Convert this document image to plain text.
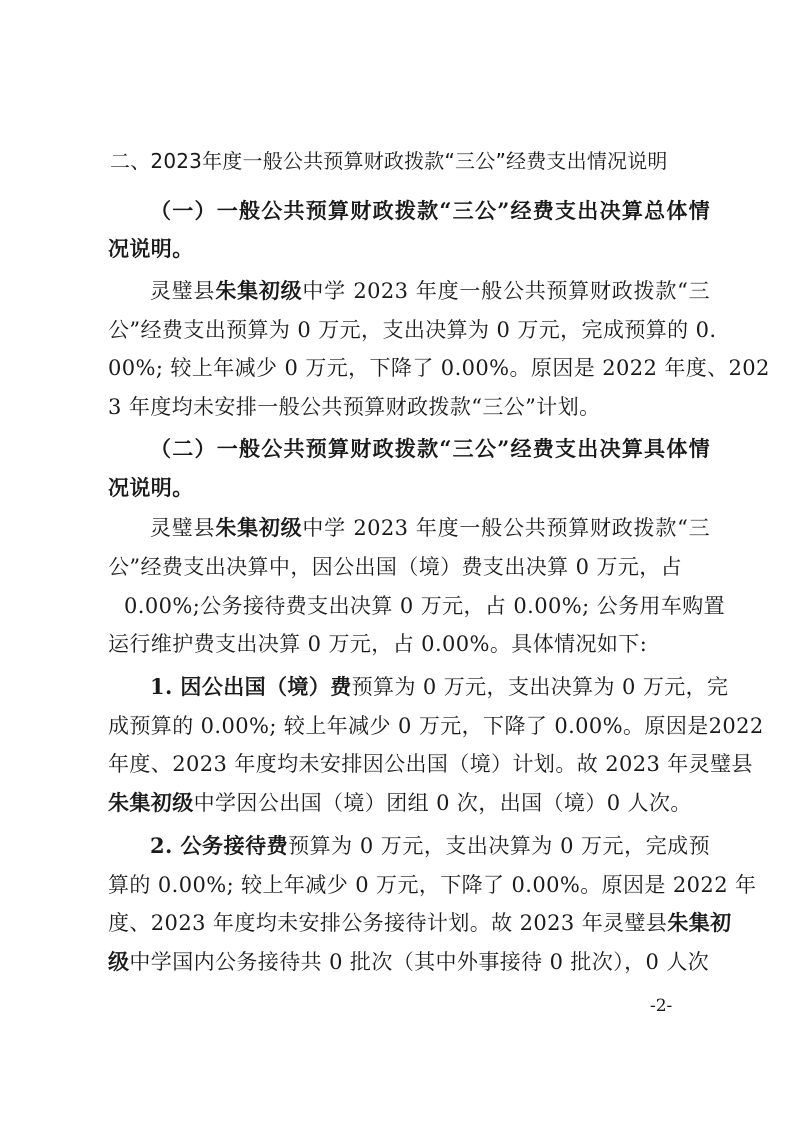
二、2023年度一般公共预算财政拨款“三公”经费支出情况说明
（一）一般公共预算财政拨款“三公”经费支出决算总体情
况说明。
灵璧县朱集初级中学 2023 年度一般公共预算财政拨款“三
公”经费支出预算为 0 万元，支出决算为 0 万元，完成预算的 0.
00%; 较上年减少 0 万元，下降了 0.00%。原因是 2022 年度、202
3 年度均未安排一般公共预算财政拨款“三公”计划。
（二）一般公共预算财政拨款“三公”经费支出决算具体情
况说明。
灵璧县朱集初级中学 2023 年度一般公共预算财政拨款“三
公”经费支出决算中，因公出国（境）费支出决算 0 万元，占
0.00%;公务接待费支出决算 0 万元，占 0.00%; 公务用车购置
运行维护费支出决算 0 万元，占 0.00%。具体情况如下:
1. 因公出国（境）费预算为 0 万元，支出决算为 0 万元，完
成预算的 0.00%; 较上年减少 0 万元，下降了 0.00%。原因是2022
年度、2023 年度均未安排因公出国（境）计划。故 2023 年灵璧县
朱集初级中学因公出国（境）团组 0 次，出国（境）0 人次。
2. 公务接待费预算为 0 万元，支出决算为 0 万元，完成预
算的 0.00%; 较上年减少 0 万元，下降了 0.00%。原因是 2022 年
度、2023 年度均未安排公务接待计划。故 2023 年灵璧县朱集初
级中学国内公务接待共 0 批次（其中外事接待 0 批次），0 人次
-2-
